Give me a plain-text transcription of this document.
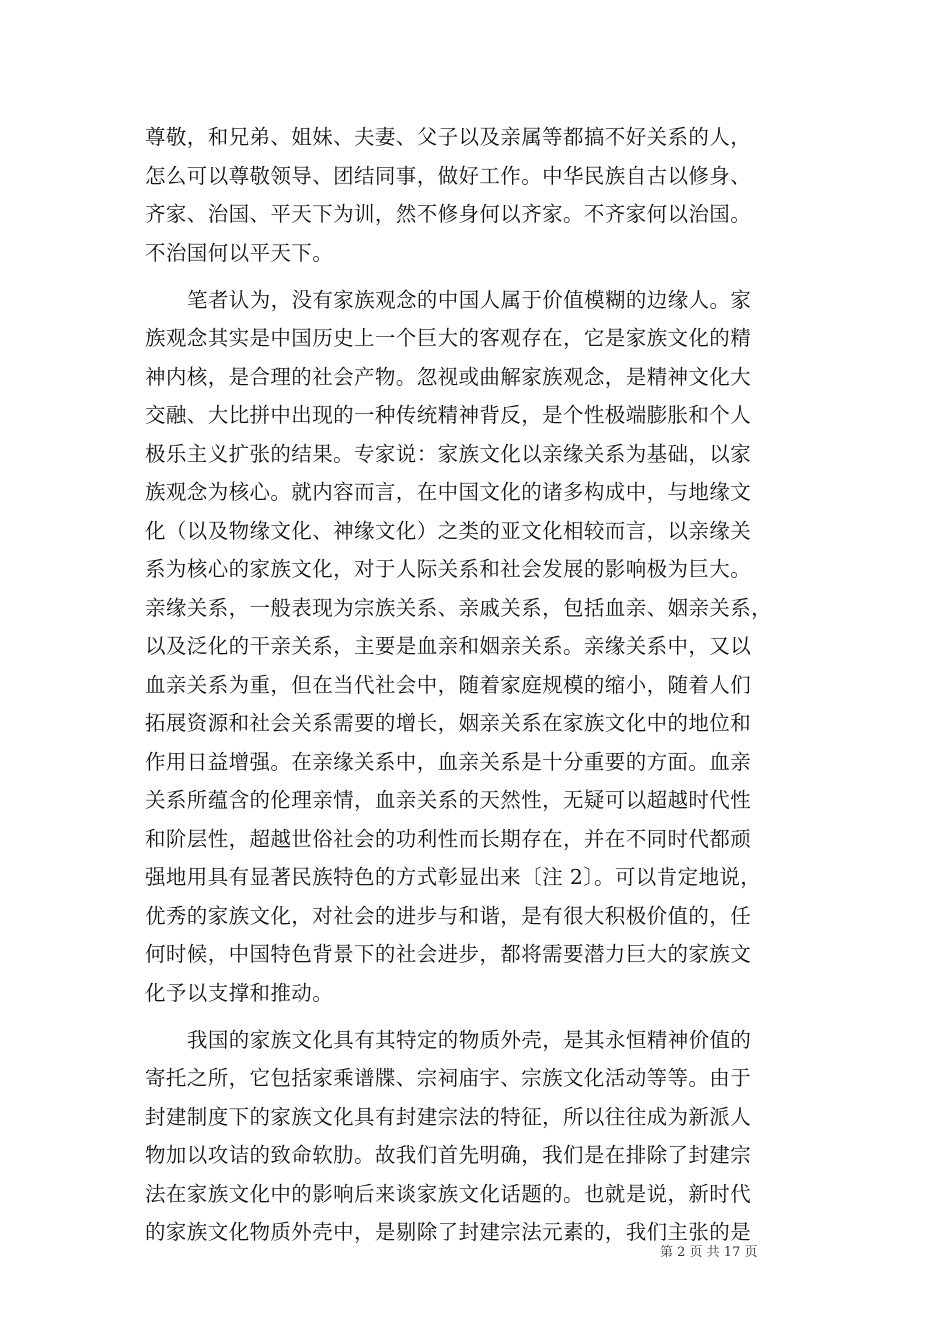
尊敬，和兄弟、姐妹、夫妻、父子以及亲属等都搞不好关系的人，
怎么可以尊敬领导、团结同事，做好工作。中华民族自古以修身、
齐家、治国、平天下为训，然不修身何以齐家。不齐家何以治国。
不治国何以平天下。
笔者认为，没有家族观念的中国人属于价值模糊的边缘人。家
族观念其实是中国历史上一个巨大的客观存在，它是家族文化的精
神内核，是合理的社会产物。忽视或曲解家族观念，是精神文化大
交融、大比拼中出现的一种传统精神背反，是个性极端膨胀和个人
极乐主义扩张的结果。专家说：家族文化以亲缘关系为基础，以家
族观念为核心。就内容而言，在中国文化的诸多构成中，与地缘文
化（以及物缘文化、神缘文化）之类的亚文化相较而言，以亲缘关
系为核心的家族文化，对于人际关系和社会发展的影响极为巨大。
亲缘关系，一般表现为宗族关系、亲戚关系，包括血亲、姻亲关系，
以及泛化的干亲关系，主要是血亲和姻亲关系。亲缘关系中，又以
血亲关系为重，但在当代社会中，随着家庭规模的缩小，随着人们
拓展资源和社会关系需要的增长，姻亲关系在家族文化中的地位和
作用日益增强。在亲缘关系中，血亲关系是十分重要的方面。血亲
关系所蕴含的伦理亲情，血亲关系的天然性，无疑可以超越时代性
和阶层性，超越世俗社会的功利性而长期存在，并在不同时代都顽
强地用具有显著民族特色的方式彰显出来〔注 2〕。可以肯定地说，
优秀的家族文化，对社会的进步与和谐，是有很大积极价值的，任
何时候，中国特色背景下的社会进步，都将需要潜力巨大的家族文
化予以支撑和推动。
我国的家族文化具有其特定的物质外壳，是其永恒精神价值的
寄托之所，它包括家乘谱牒、宗祠庙宇、宗族文化活动等等。由于
封建制度下的家族文化具有封建宗法的特征，所以往往成为新派人
物加以攻诘的致命软肋。故我们首先明确，我们是在排除了封建宗
法在家族文化中的影响后来谈家族文化话题的。也就是说，新时代
的家族文化物质外壳中，是剔除了封建宗法元素的，我们主张的是
第 2 页 共 17 页
